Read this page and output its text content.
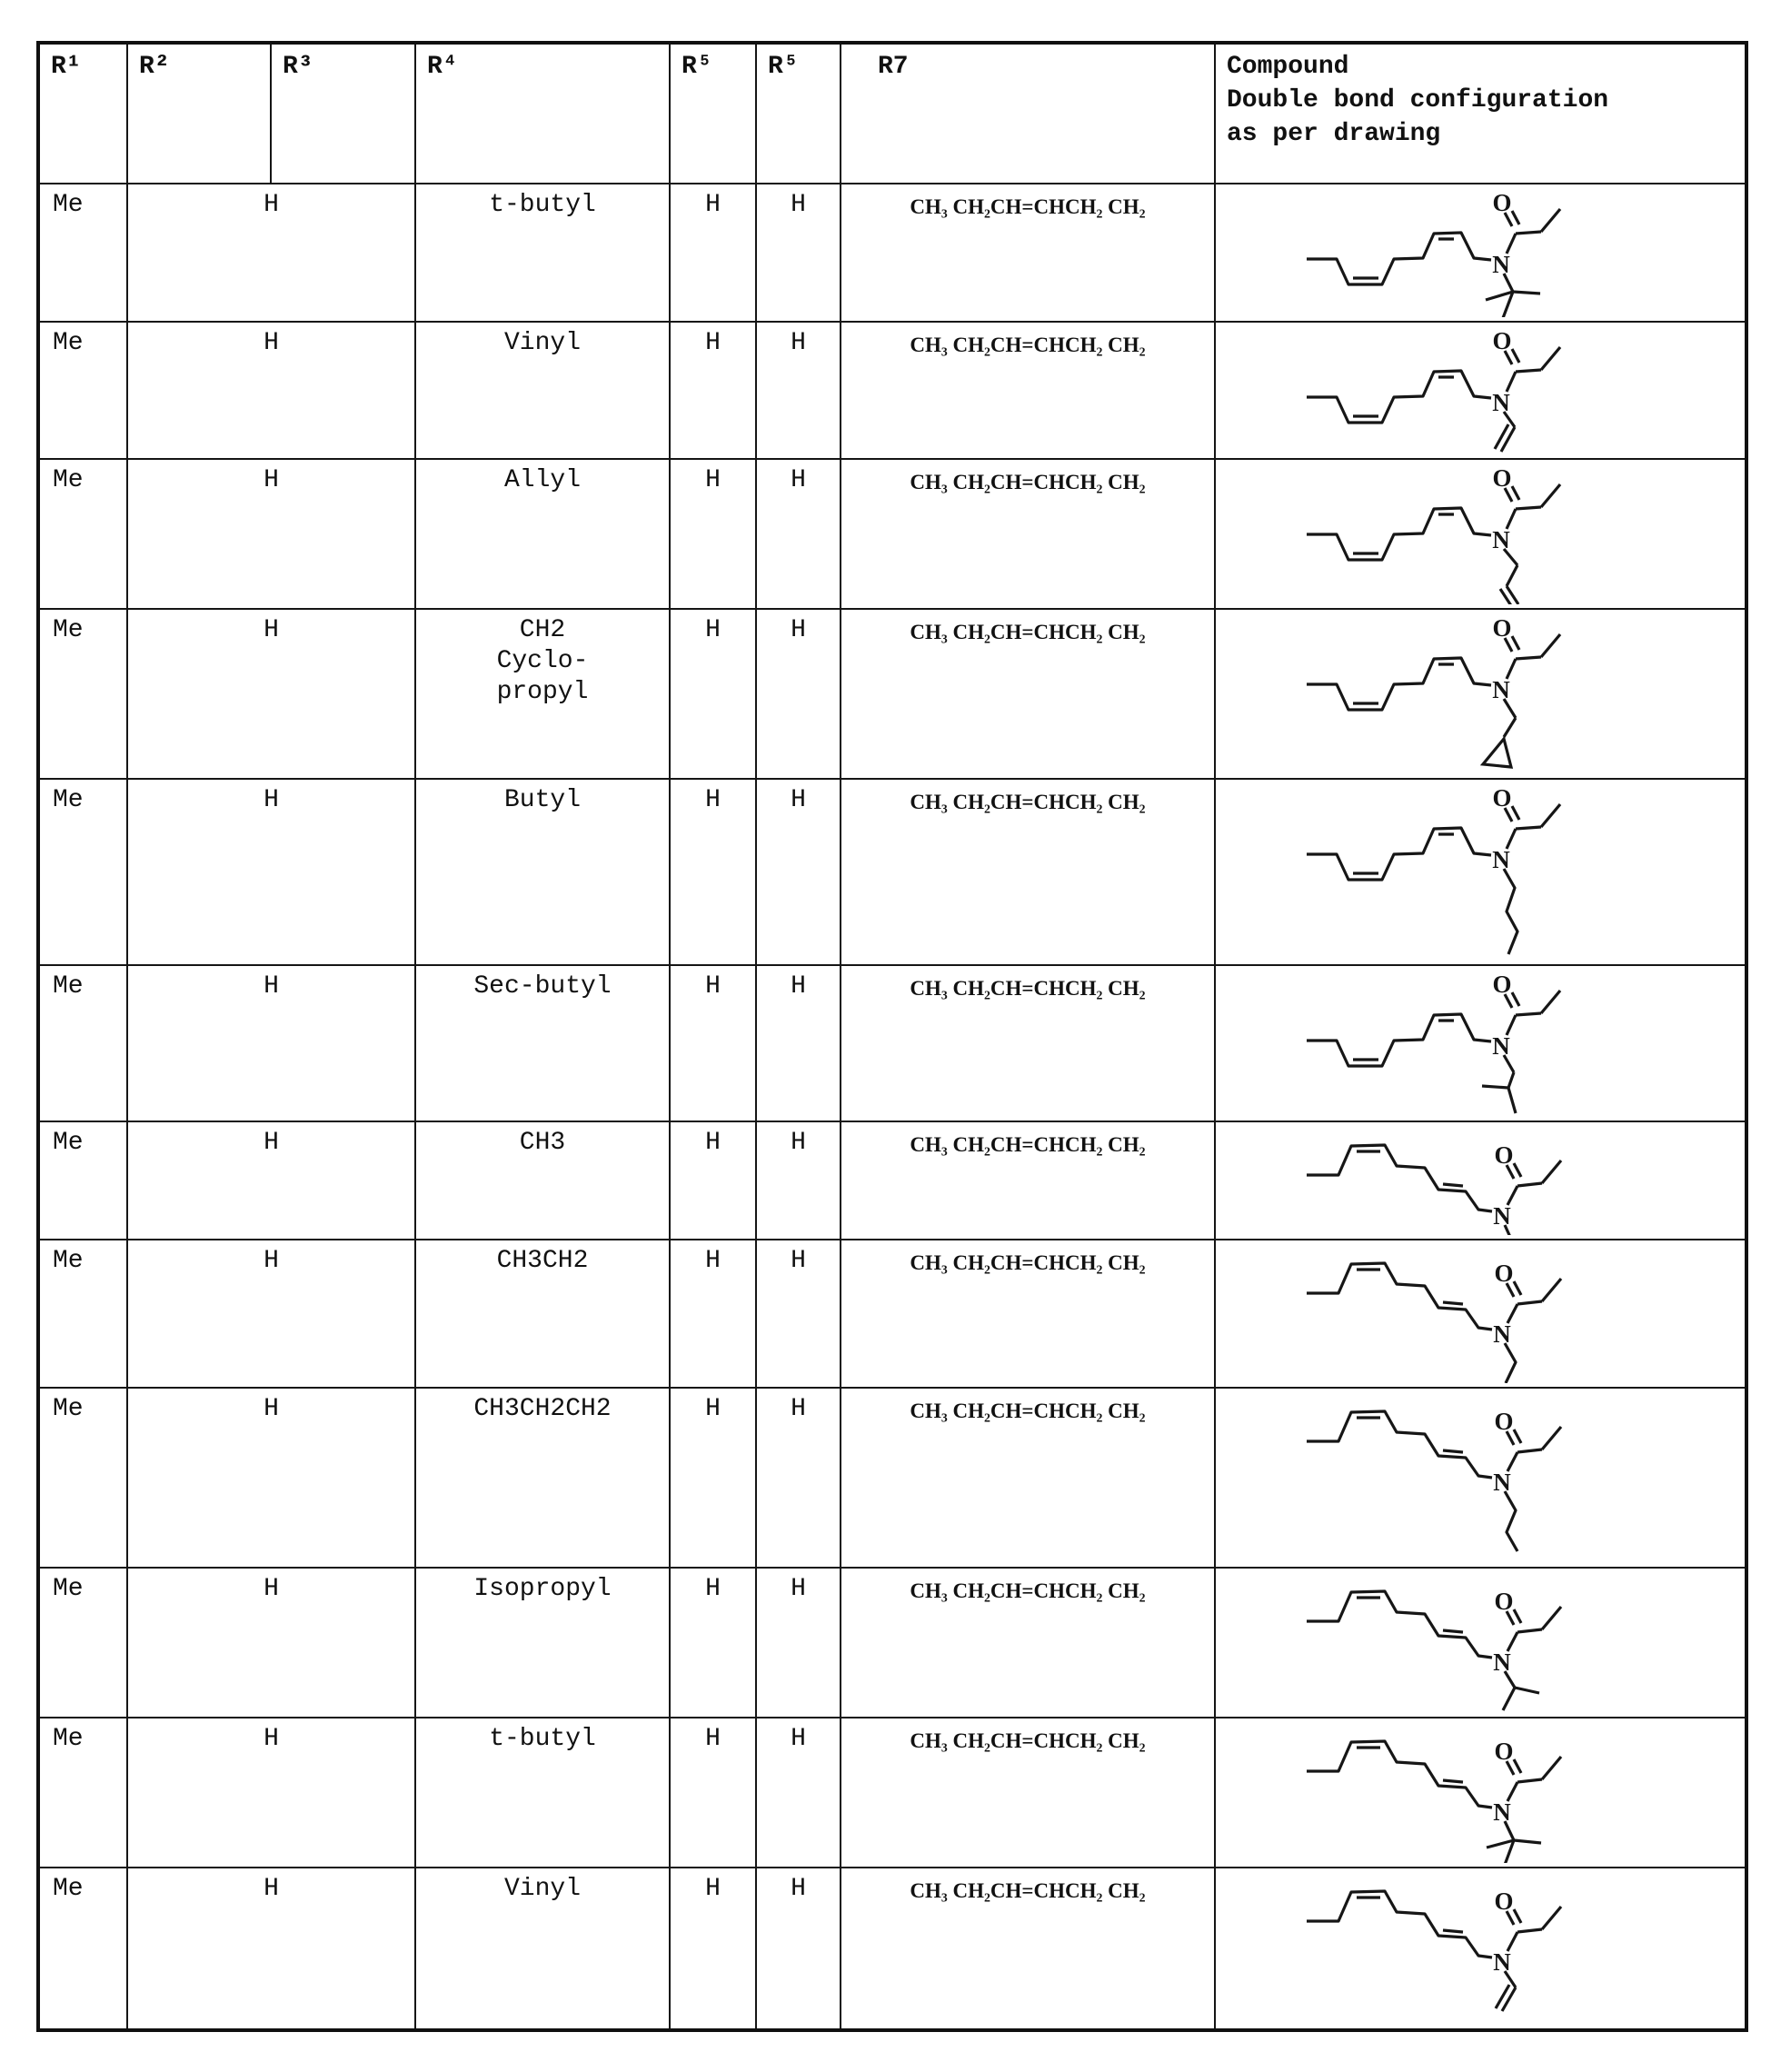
R¹	R²	R³	R⁴	R⁵	R⁵	R7	Compound
Double bond configuration
as per drawing
Me	H		t-butyl	H	H	CH₃ CH₂CH=CHCH₂ CH₂	N
O

Me	H		Vinyl	H	H	CH₃ CH₂CH=CHCH₂ CH₂	N
O

Me	H		Allyl	H	H	CH₃ CH₂CH=CHCH₂ CH₂	N
O

Me	H		CH2
Cyclo-
propyl	H	H	CH₃ CH₂CH=CHCH₂ CH₂	N
O

Me	H		Butyl	H	H	CH₃ CH₂CH=CHCH₂ CH₂	N
O

Me	H		Sec-butyl	H	H	CH₃ CH₂CH=CHCH₂ CH₂	N
O

Me	H		CH3	H	H	CH₃ CH₂CH=CHCH₂ CH₂	N
O

Me	H		CH3CH2	H	H	CH₃ CH₂CH=CHCH₂ CH₂	N
O

Me	H		CH3CH2CH2	H	H	CH₃ CH₂CH=CHCH₂ CH₂	N
O

Me	H		Isopropyl	H	H	CH₃ CH₂CH=CHCH₂ CH₂	N
O

Me	H		t-butyl	H	H	CH₃ CH₂CH=CHCH₂ CH₂	N
O

Me	H		Vinyl	H	H	CH₃ CH₂CH=CHCH₂ CH₂	N
O
